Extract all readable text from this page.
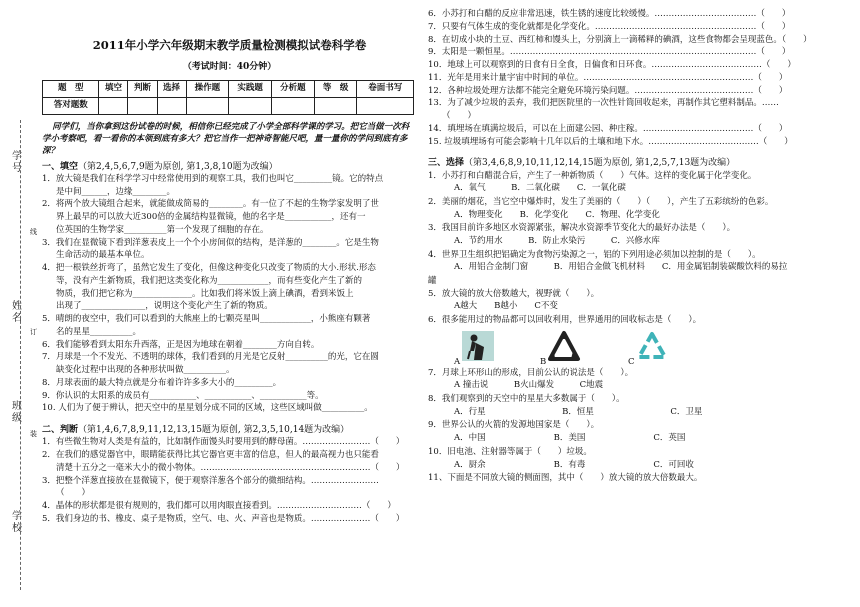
学号
姓名
班级
学校
线
订
装
2011年小学六年级期末教学质量检测模拟试卷科学卷
（考试时间：40分钟）
题　型	填空	判断	选择	操作题	实践题	分析题	等　级	卷面书写
答对题数								
同学们，当你拿到这份试卷的时候，相信你已经完成了小学全部科学课的学习。把它当做一次科学小考察吧，看一看你的本领到底有多大？把它当作一把神奇智能尺吧，量一量你的学问到底有多深？
一、填空（第2,4,5,6,7,9题为原创, 第1,3,8,10题为改编）
1．放大镜是我们在科学学习中经常使用到的观察工具，我们也叫它_________镜。它的特点
是中间______，边缘________。
2．将两个放大镜组合起来，就能做成简易的________。有一位了不起的生物学家发明了世
界上最早的可以放大近300倍的金属结构显微镜，他的名字是___________，还有一
位英国的生物学家__________第一个发现了细胞的存在。
3．我们在显微镜下看到洋葱表皮上一个个小房间似的结构，是洋葱的________。它是生物
生命活动的最基本单位。
4．把一根铁丝折弯了，虽然它发生了变化，但像这种变化只改变了物质的大小.形状.形态
等，没有产生新物质，我们把这类变化称为____________，而有些变化产生了新的
物质，我们把它称为______________。比如我们将米饭上滴上碘酒，看到米饭上
出现了_______________，说明这个变化产生了新的物质。
5．晴朗的夜空中，我们可以看到的大熊座上的七颗亮星叫____________，小熊座有颗著
名的星星__________。
6．我们能够看到太阳东升西落，正是因为地球在朝着________方向自转。
7．月球是一个不发光、不透明的球体，我们看到的月光是它反射__________的光，它在圆
缺变化过程中出现的各种形状叫做__________。
8．月球表面的最大特点就是分布着许许多多大小的_________。
9．你认识的太阳系的成员有___________、___________、___________等。
10. 人们为了便于辨认，把天空中的星星划分成不同的区域，这些区域叫做__________。
二、判断（第1,4,6,7,8,9,11,12,13,15题为原创, 第2,3,5,10,14题为改编）
1．有些微生物对人类是有益的，比如制作面馒头时要用到的酵母菌。……………………（　　）
2．在我们的感觉器官中，眼睛能获得比其它器官更丰富的信息，但人的最高视力也只能看
清楚十五分之一毫米大小的微小物体。……………………………………………………（　　）
3．把整个洋葱直接放在显微镜下，便于观察洋葱各个部分的微细结构。……………………
（　　）
4．晶体的形状都是很有规则的，我们都可以用肉眼直接看到。…………………………（　　）
5．我们身边的书、橡皮、桌子是物质，空气、电、火、声音也是物质。…………………（　　）
6．小苏打和白醋的反应非常迅速，铁生锈的速度比较缓慢。………………………………（　　）
7．只要有气体生成的变化就都是化学变化。…………………………………………………（　　）
8．在切成小块的土豆、西红柿和馒头上，分别滴上一滴稀释的碘酒，这些食物都会呈现蓝色。（　　）
9．太阳是一颗恒星。……………………………………………………………………………（　　）
10．地球上可以观察到的日食有日全食，日偏食和日环食。…………………………………（　　）
11．光年是用来计量宇宙中时间的单位。……………………………………………………（　　）
12．各种垃圾处理方法都不能完全避免环境污染问题。……………………………………（　　）
13．为了减少垃圾的丢弃，我们把医院里的一次性针筒回收起来，再制作其它塑料制品。……
（　　）
14．填埋场在填满垃圾后，可以在上面建公园、种庄稼。…………………………………（　　）
15. 垃圾填埋场有可能会影响十几年以后的土壤和地下水。…………………………………（　　）
三、选择（第3,4,6,8,9,10,11,12,14,15题为原创, 第1,2,5,7,13题为改编）
1．小苏打和白醋混合后，产生了一种新物质（　　）气体。这样的变化属于化学变化。
A．氧气　　　B．二氧化碳　　C．一氧化碳
2．美丽的烟花，当它空中爆炸时，发生了美丽的（　　）（　　），产生了五彩缤纷的色彩。
A．物理变化　　B．化学变化　　C．物理、化学变化
3．我国目前许多地区水资源紧张，解决水资源季节变化大的最好办法是（　　）。
A．节约用水　　　B．防止水染污　　　C．兴修水库
4．世界卫生组织把铝确定为食物污染源之一，铝的下列用途必须加以控制的是（　　）。
A．用铝合金制门窗　　　B．用铝合金做飞机材料　　C．用金属铝制装碳酸饮料的易拉
罐
5．放大镜的放大倍数越大，视野就（　　）。
A越大　　B越小　　C不变
6．很多能用过的物品都可以回收利用，世界通用的回收标志是（　　）。
A	B	C
7．月球上环形山的形成，目前公认的说法是（　　）。
A 撞击说　　　B火山爆发　　　C地震
8．我们观察到的天空中的星星大多数属于（　　）。
A．行星　　　　　　　　　B．恒星　　　　　　　　　C．卫星
9．世界公认的火箭的发源地国家是（　　）。
A．中国　　　　　　　　B．美国　　　　　　　　C．英国
10．旧电池、注射器等属于（　　）垃圾。
A．厨余　　　　　　　　B．有毒　　　　　　　　C．可回收
11、下面是不同放大镜的侧面图，其中（　　）放大镜的放大倍数最大。
